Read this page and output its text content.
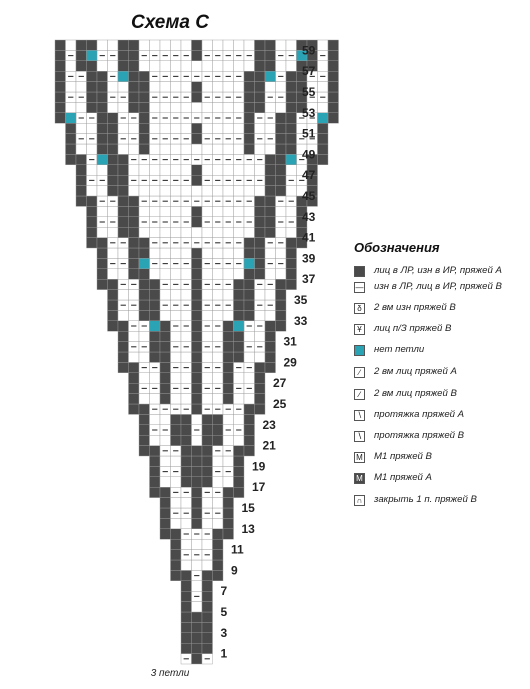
Схема С
1
3
5
7
9
11
13
15
17
19
21
23
25
27
29
31
33
35
37
39
41
43
45
47
49
51
53
55
57
59
3 петли
Обозначения
лиц в ЛР, изн в ИР, пряжей А
— изн в ЛР, лиц в ИР, пряжей В
δ	2 вм изн пряжей В
Ұ	лиц п/З пряжей В
нет петли
∕	2 вм лиц пряжей А
∕	2 вм лиц пряжей В
∖	протяжка пряжей А
∖	протяжка пряжей В
M M1 пряжей В
M M1 пряжей А
∩ закрыть 1 п. пряжей В
